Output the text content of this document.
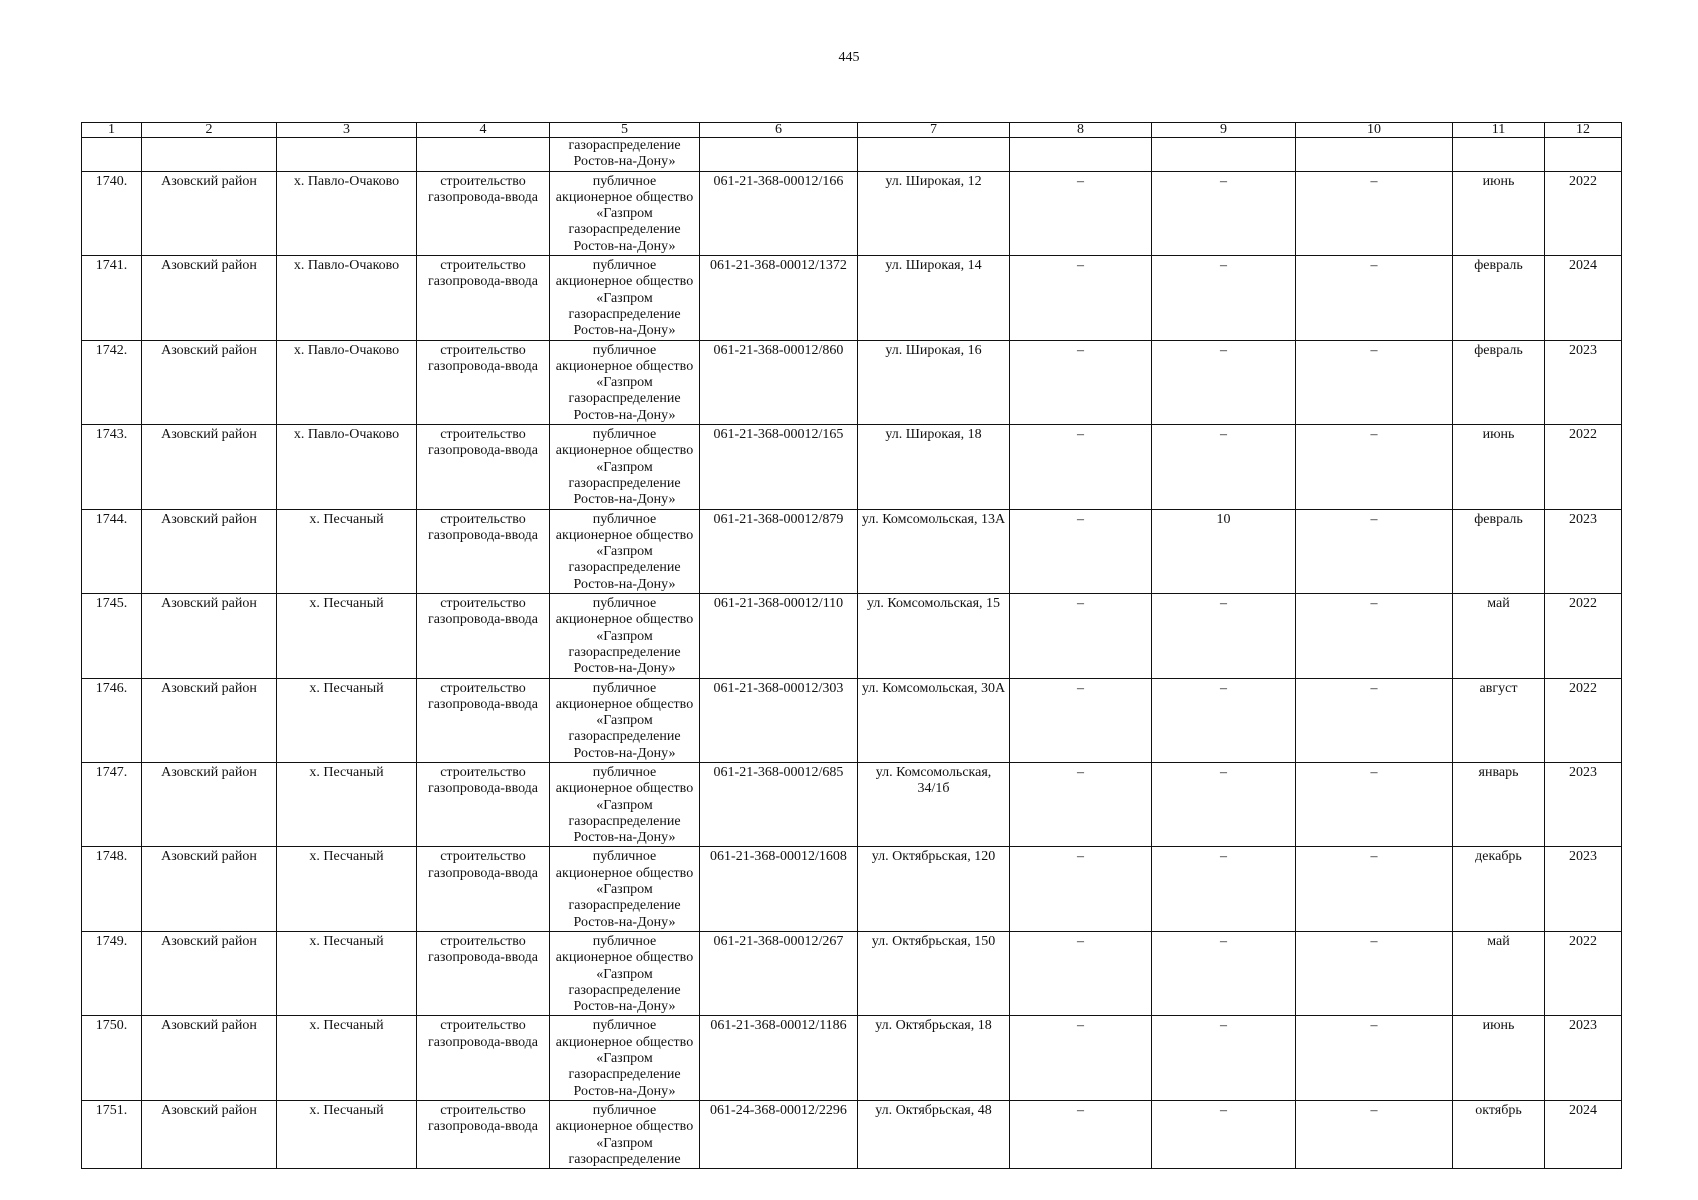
445
1	2	3	4	5	6	7	8	9	10	11	12
				газораспределение Ростов-на-Дону»							
1740.	Азовский район	х. Павло-Очаково	строительство газопровода-ввода	публичное акционерное общество «Газпром газораспределение Ростов-на-Дону»	061-21-368-00012/166	ул. Широкая, 12	–	–	–	июнь	2022
1741.	Азовский район	х. Павло-Очаково	строительство газопровода-ввода	публичное акционерное общество «Газпром газораспределение Ростов-на-Дону»	061-21-368-00012/1372	ул. Широкая, 14	–	–	–	февраль	2024
1742.	Азовский район	х. Павло-Очаково	строительство газопровода-ввода	публичное акционерное общество «Газпром газораспределение Ростов-на-Дону»	061-21-368-00012/860	ул. Широкая, 16	–	–	–	февраль	2023
1743.	Азовский район	х. Павло-Очаково	строительство газопровода-ввода	публичное акционерное общество «Газпром газораспределение Ростов-на-Дону»	061-21-368-00012/165	ул. Широкая, 18	–	–	–	июнь	2022
1744.	Азовский район	х. Песчаный	строительство газопровода-ввода	публичное акционерное общество «Газпром газораспределение Ростов-на-Дону»	061-21-368-00012/879	ул. Комсомольская, 13А	–	10	–	февраль	2023
1745.	Азовский район	х. Песчаный	строительство газопровода-ввода	публичное акционерное общество «Газпром газораспределение Ростов-на-Дону»	061-21-368-00012/110	ул. Комсомольская, 15	–	–	–	май	2022
1746.	Азовский район	х. Песчаный	строительство газопровода-ввода	публичное акционерное общество «Газпром газораспределение Ростов-на-Дону»	061-21-368-00012/303	ул. Комсомольская, 30А	–	–	–	август	2022
1747.	Азовский район	х. Песчаный	строительство газопровода-ввода	публичное акционерное общество «Газпром газораспределение Ростов-на-Дону»	061-21-368-00012/685	ул. Комсомольская, 34/1б	–	–	–	январь	2023
1748.	Азовский район	х. Песчаный	строительство газопровода-ввода	публичное акционерное общество «Газпром газораспределение Ростов-на-Дону»	061-21-368-00012/1608	ул. Октябрьская, 120	–	–	–	декабрь	2023
1749.	Азовский район	х. Песчаный	строительство газопровода-ввода	публичное акционерное общество «Газпром газораспределение Ростов-на-Дону»	061-21-368-00012/267	ул. Октябрьская, 150	–	–	–	май	2022
1750.	Азовский район	х. Песчаный	строительство газопровода-ввода	публичное акционерное общество «Газпром газораспределение Ростов-на-Дону»	061-21-368-00012/1186	ул. Октябрьская, 18	–	–	–	июнь	2023
1751.	Азовский район	х. Песчаный	строительство газопровода-ввода	публичное акционерное общество «Газпром газораспределение	061-24-368-00012/2296	ул. Октябрьская, 48	–	–	–	октябрь	2024
